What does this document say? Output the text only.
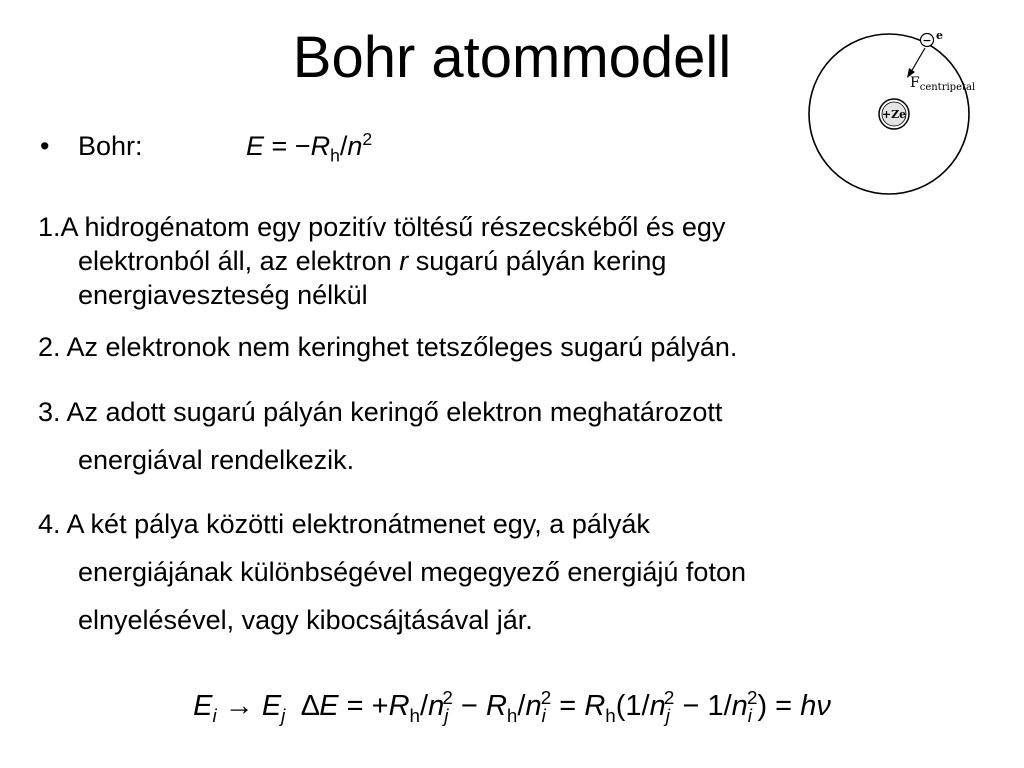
Bohr atommodell
• Bohr:	$E = -R_h/n^2$
1.A hidrogénatom egy pozitív töltésű részecskéből és egy
elektronból áll, az elektron r sugarú pályán kering
energiaveszteség nélkül
2. Az elektronok nem keringhet tetszőleges sugarú pályán.
3. Az adott sugarú pályán keringő elektron meghatározott
energiával rendelkezik.
4. A két pálya közötti elektronátmenet egy, a pályák
energiájának különbségével megegyező energiájú foton
elnyelésével, vagy kibocsájtásával jár.
$E_i \to E_j$  $\Delta E = +R_h/n_j^2 - R_h/n_i^2 = R_h(1/n_j^2 - 1/n_i^2) = h\nu$
+Ze
− e
$F_{centripetal}$
